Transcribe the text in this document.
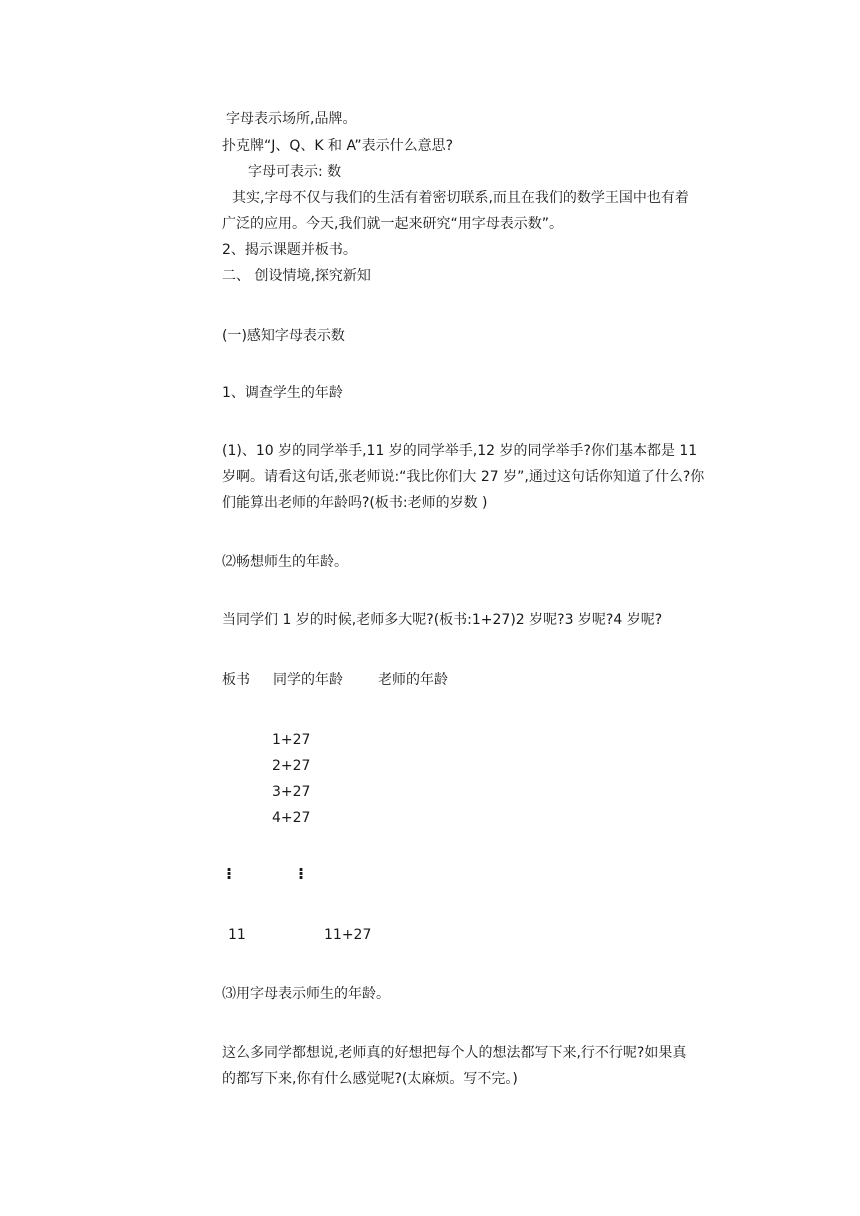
字母表示场所,品牌。
扑克牌“J、Q、K 和 A”表示什么意思?
字母可表示: 数
其实,字母不仅与我们的生活有着密切联系,而且在我们的数学王国中也有着
广泛的应用。今天,我们就一起来研究“用字母表示数”。
2、揭示课题并板书。
二、 创设情境,探究新知
(一)感知字母表示数
1、调查学生的年龄
(1)、10 岁的同学举手,11 岁的同学举手,12 岁的同学举手?你们基本都是 11
岁啊。请看这句话,张老师说:“我比你们大 27 岁”,通过这句话你知道了什么?你
们能算出老师的年龄吗?(板书:老师的岁数 )
⑵畅想师生的年龄。
当同学们 1 岁的时候,老师多大呢?(板书:1+27)2 岁呢?3 岁呢?4 岁呢?
板书 同学的年龄	老师的年龄
1+27
2+27
3+27
4+27
⁝	⁝
11	11+27
⑶用字母表示师生的年龄。
这么多同学都想说,老师真的好想把每个人的想法都写下来,行不行呢?如果真
的都写下来,你有什么感觉呢?(太麻烦。写不完。)
